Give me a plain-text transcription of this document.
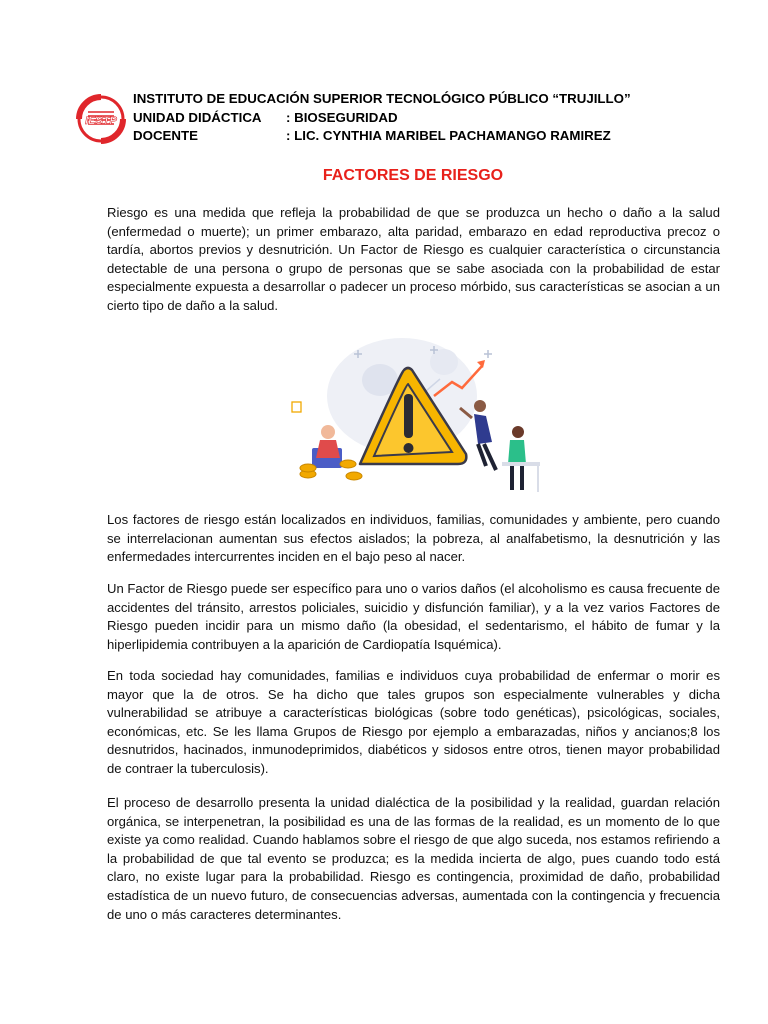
IESTP
INSTITUTO DE EDUCACIÓN SUPERIOR TECNOLÓGICO PÚBLICO “TRUJILLO”
UNIDAD DIDÁCTICA : BIOSEGURIDAD
DOCENTE	: LIC. CYNTHIA MARIBEL PACHAMANGO RAMIREZ
FACTORES DE RIESGO

Riesgo es una medida que refleja la probabilidad de que se produzca un hecho o daño a la salud (enfermedad o muerte); un primer embarazo, alta paridad, embarazo en edad reproductiva precoz o tardía, abortos previos y desnutrición. Un Factor de Riesgo es cualquier característica o circunstancia detectable de una persona o grupo de personas que se sabe asociada con la probabilidad de estar especialmente expuesta a desarrollar o padecer un proceso mórbido, sus características se asocian a un cierto tipo de daño a la salud.

Los factores de riesgo están localizados en individuos, familias, comunidades y ambiente, pero cuando se interrelacionan aumentan sus efectos aislados; la pobreza, al analfabetismo, la desnutrición y las enfermedades intercurrentes inciden en el bajo peso al nacer.

Un Factor de Riesgo puede ser específico para uno o varios daños (el alcoholismo es causa frecuente de accidentes del tránsito, arrestos policiales, suicidio y disfunción familiar), y a la vez varios Factores de Riesgo pueden incidir para un mismo daño (la obesidad, el sedentarismo, el hábito de fumar y la hiperlipidemia contribuyen a la aparición de Cardiopatía Isquémica).

En toda sociedad hay comunidades, familias e individuos cuya probabilidad de enfermar o morir es mayor que la de otros. Se ha dicho que tales grupos son especialmente vulnerables y dicha vulnerabilidad se atribuye a características biológicas (sobre todo genéticas), psicológicas, sociales, económicas, etc. Se les llama Grupos de Riesgo por ejemplo a embarazadas, niños y ancianos;8 los desnutridos, hacinados, inmunodeprimidos, diabéticos y sidosos entre otros, tienen mayor probabilidad de contraer la tuberculosis).

El proceso de desarrollo presenta la unidad dialéctica de la posibilidad y la realidad, guardan relación orgánica, se interpenetran, la posibilidad es una de las formas de la realidad, es un momento de lo que existe ya como realidad. Cuando hablamos sobre el riesgo de que algo suceda, nos estamos refiriendo a la probabilidad de que tal evento se produzca; es la medida incierta de algo, pues cuando todo está claro, no existe lugar para la probabilidad. Riesgo es contingencia, proximidad de daño, probabilidad estadística de un nuevo futuro, de consecuencias adversas, aumentada con la contingencia y frecuencia de uno o más caracteres determinantes.
